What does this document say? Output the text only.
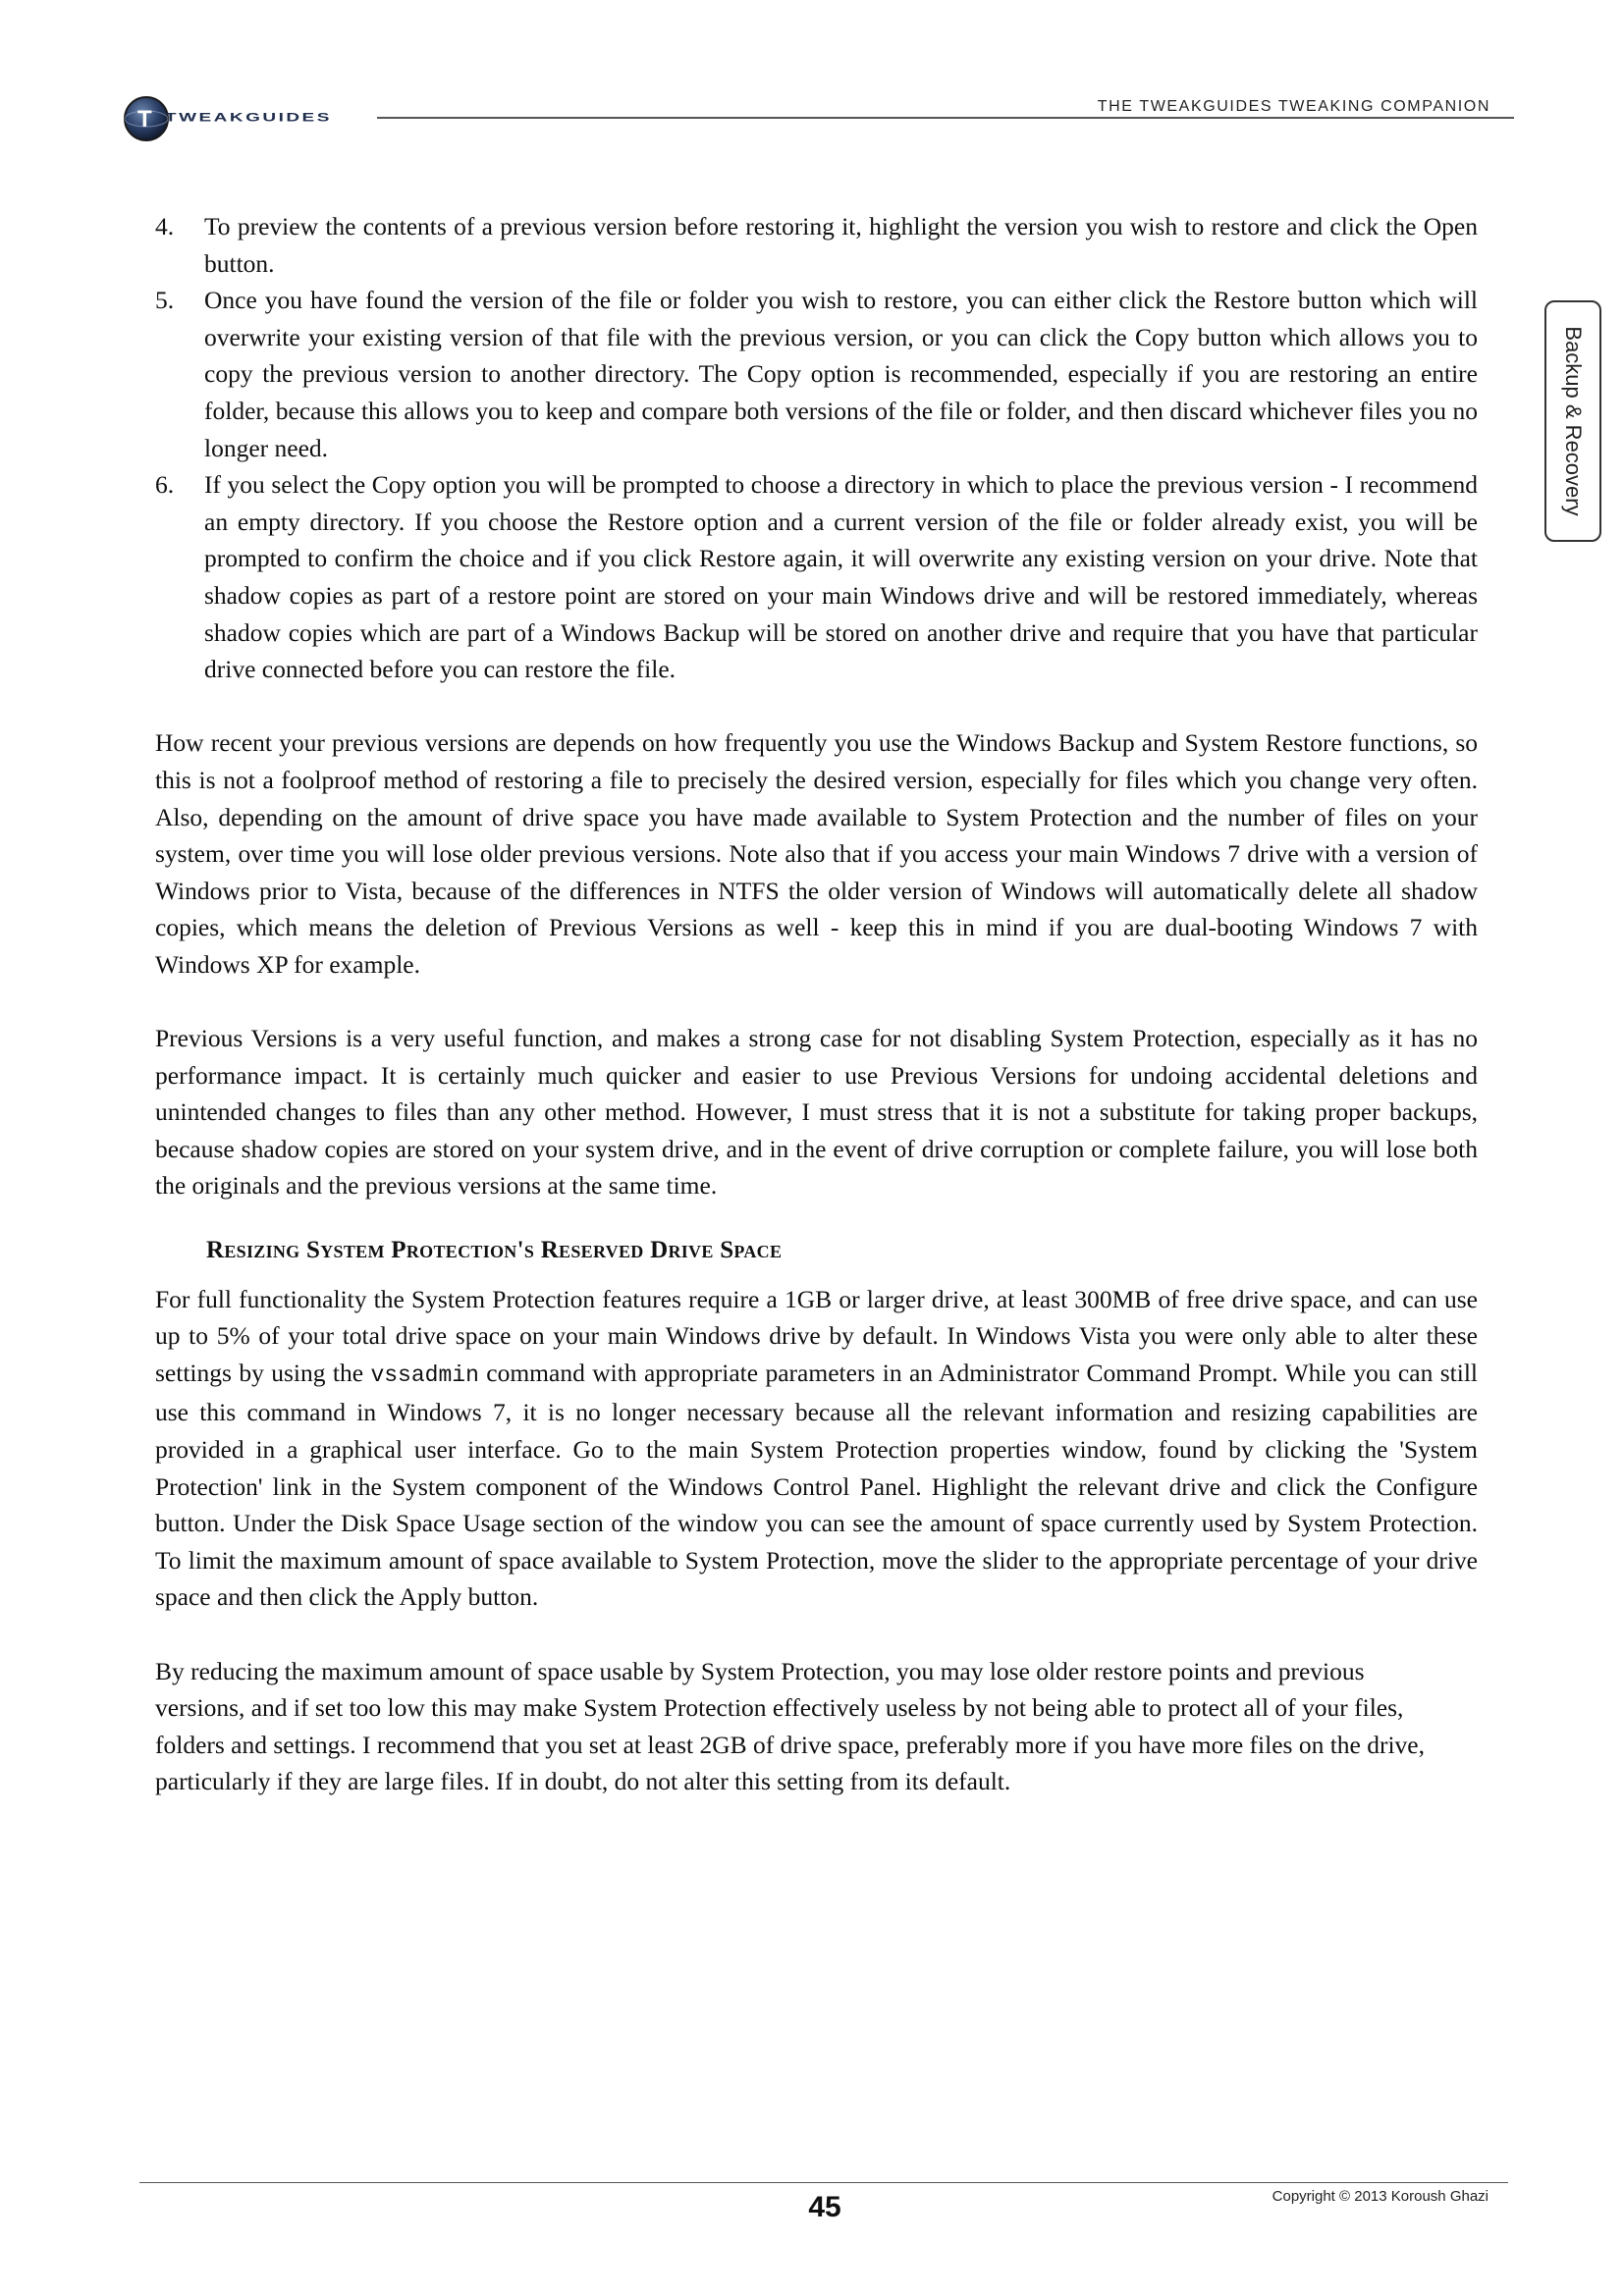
T TWEAKGUIDES
THE TWEAKGUIDES TWEAKING COMPANION
Backup & Recovery
4. To preview the contents of a previous version before restoring it, highlight the version you wish to restore and click the Open button.
5. Once you have found the version of the file or folder you wish to restore, you can either click the Restore button which will overwrite your existing version of that file with the previous version, or you can click the Copy button which allows you to copy the previous version to another directory. The Copy option is recommended, especially if you are restoring an entire folder, because this allows you to keep and compare both versions of the file or folder, and then discard whichever files you no longer need.
6. If you select the Copy option you will be prompted to choose a directory in which to place the previous version - I recommend an empty directory. If you choose the Restore option and a current version of the file or folder already exist, you will be prompted to confirm the choice and if you click Restore again, it will overwrite any existing version on your drive. Note that shadow copies as part of a restore point are stored on your main Windows drive and will be restored immediately, whereas shadow copies which are part of a Windows Backup will be stored on another drive and require that you have that particular drive connected before you can restore the file.

How recent your previous versions are depends on how frequently you use the Windows Backup and System Restore functions, so this is not a foolproof method of restoring a file to precisely the desired version, especially for files which you change very often. Also, depending on the amount of drive space you have made available to System Protection and the number of files on your system, over time you will lose older previous versions. Note also that if you access your main Windows 7 drive with a version of Windows prior to Vista, because of the differences in NTFS the older version of Windows will automatically delete all shadow copies, which means the deletion of Previous Versions as well - keep this in mind if you are dual-booting Windows 7 with Windows XP for example.

Previous Versions is a very useful function, and makes a strong case for not disabling System Protection, especially as it has no performance impact. It is certainly much quicker and easier to use Previous Versions for undoing accidental deletions and unintended changes to files than any other method. However, I must stress that it is not a substitute for taking proper backups, because shadow copies are stored on your system drive, and in the event of drive corruption or complete failure, you will lose both the originals and the previous versions at the same time.

Resizing System Protection's Reserved Drive Space

For full functionality the System Protection features require a 1GB or larger drive, at least 300MB of free drive space, and can use up to 5% of your total drive space on your main Windows drive by default. In Windows Vista you were only able to alter these settings by using the vssadmin command with appropriate parameters in an Administrator Command Prompt. While you can still use this command in Windows 7, it is no longer necessary because all the relevant information and resizing capabilities are provided in a graphical user interface. Go to the main System Protection properties window, found by clicking the 'System Protection' link in the System component of the Windows Control Panel. Highlight the relevant drive and click the Configure button. Under the Disk Space Usage section of the window you can see the amount of space currently used by System Protection. To limit the maximum amount of space available to System Protection, move the slider to the appropriate percentage of your drive space and then click the Apply button.

By reducing the maximum amount of space usable by System Protection, you may lose older restore points and previous versions, and if set too low this may make System Protection effectively useless by not being able to protect all of your files, folders and settings. I recommend that you set at least 2GB of drive space, preferably more if you have more files on the drive, particularly if they are large files. If in doubt, do not alter this setting from its default.

Copyright © 2013 Koroush Ghazi
45
